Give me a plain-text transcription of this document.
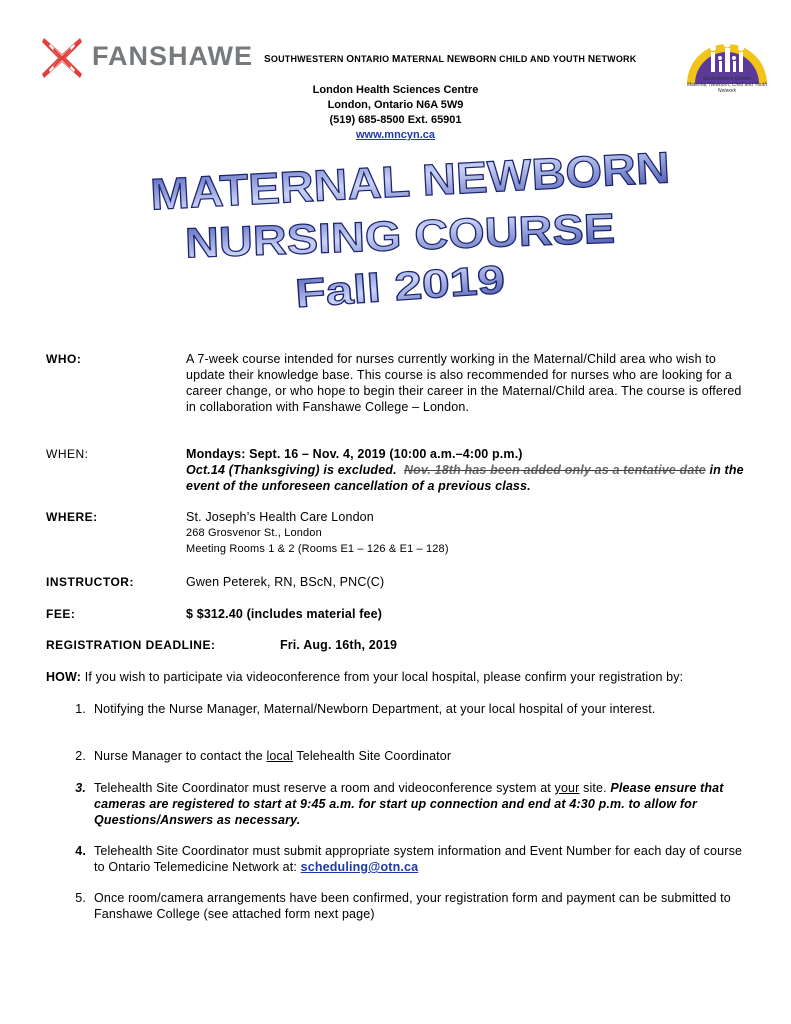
FANSHAWE SOUTHWESTERN ONTARIO MATERNAL NEWBORN CHILD AND YOUTH NETWORK
Southwestern Ontario
Maternal, Newborn, Child and Youth Network
London Health Sciences Centre
London, Ontario N6A 5W9
(519) 685-8500 Ext. 65901
www.mncyn.ca
MATERNAL NEWBORN
NURSING COURSE
Fall 2019
WHO:	A 7-week course intended for nurses currently working in the Maternal/Child area who wish to update their knowledge base. This course is also recommended for nurses who are looking for a career change, or who hope to begin their career in the Maternal/Child area. The course is offered in collaboration with Fanshawe College – London.
WHEN:	Mondays: Sept. 16 – Nov. 4, 2019 (10:00 a.m.–4:00 p.m.)
Oct.14 (Thanksgiving) is excluded. Nov. 18th has been added only as a tentative date in the event of the unforeseen cancellation of a previous class.
WHERE:	St. Joseph’s Health Care London
268 Grosvenor St., London
Meeting Rooms 1 & 2 (Rooms E1 – 126 & E1 – 128)
INSTRUCTOR:	Gwen Peterek, RN, BScN, PNC(C)
FEE:	$ $312.40 (includes material fee)
REGISTRATION DEADLINE:	Fri. Aug. 16th, 2019
HOW: If you wish to participate via videoconference from your local hospital, please confirm your registration by:
1. Notifying the Nurse Manager, Maternal/Newborn Department, at your local hospital of your interest.
2. Nurse Manager to contact the local Telehealth Site Coordinator
3. Telehealth Site Coordinator must reserve a room and videoconference system at your site. Please ensure that cameras are registered to start at 9:45 a.m. for start up connection and end at 4:30 p.m. to allow for Questions/Answers as necessary.
4. Telehealth Site Coordinator must submit appropriate system information and Event Number for each day of course to Ontario Telemedicine Network at: scheduling@otn.ca
5. Once room/camera arrangements have been confirmed, your registration form and payment can be submitted to Fanshawe College (see attached form next page)
